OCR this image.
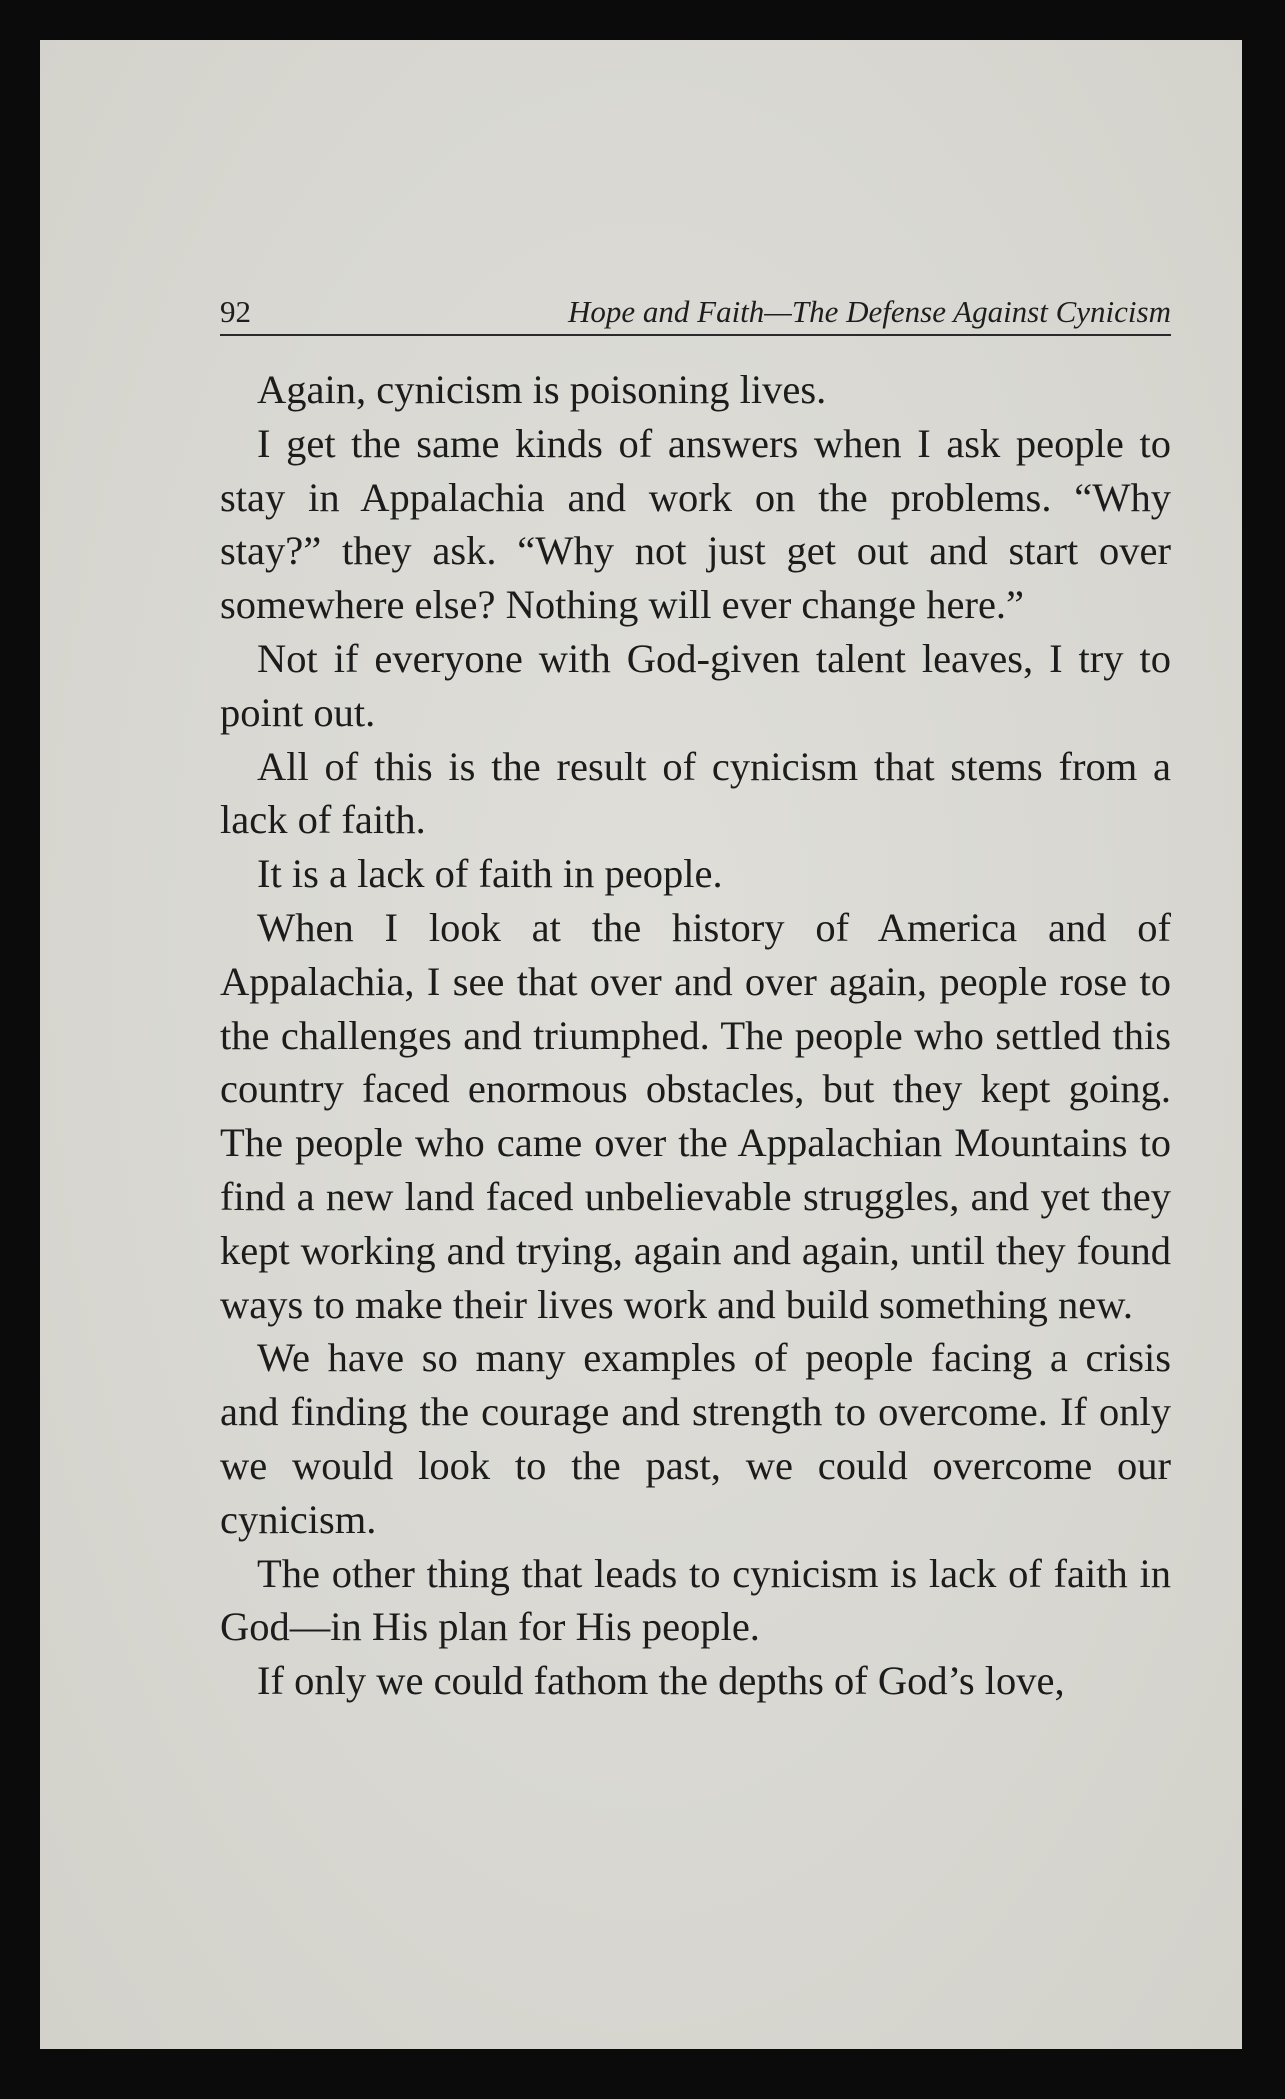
92	Hope and Faith—The Defense Against Cynicism

Again, cynicism is poisoning lives.

I get the same kinds of answers when I ask people to stay in Appalachia and work on the problems. “Why stay?” they ask. “Why not just get out and start over somewhere else? Nothing will ever change here.”

Not if everyone with God-given talent leaves, I try to point out.

All of this is the result of cynicism that stems from a lack of faith.

It is a lack of faith in people.

When I look at the history of America and of Appalachia, I see that over and over again, people rose to the challenges and triumphed. The people who settled this country faced enormous obstacles, but they kept going. The people who came over the Appalachian Mountains to find a new land faced unbelievable struggles, and yet they kept working and trying, again and again, until they found ways to make their lives work and build something new.

We have so many examples of people facing a crisis and finding the courage and strength to overcome. If only we would look to the past, we could overcome our cynicism.

The other thing that leads to cynicism is lack of faith in God—in His plan for His people.

If only we could fathom the depths of God’s love,
